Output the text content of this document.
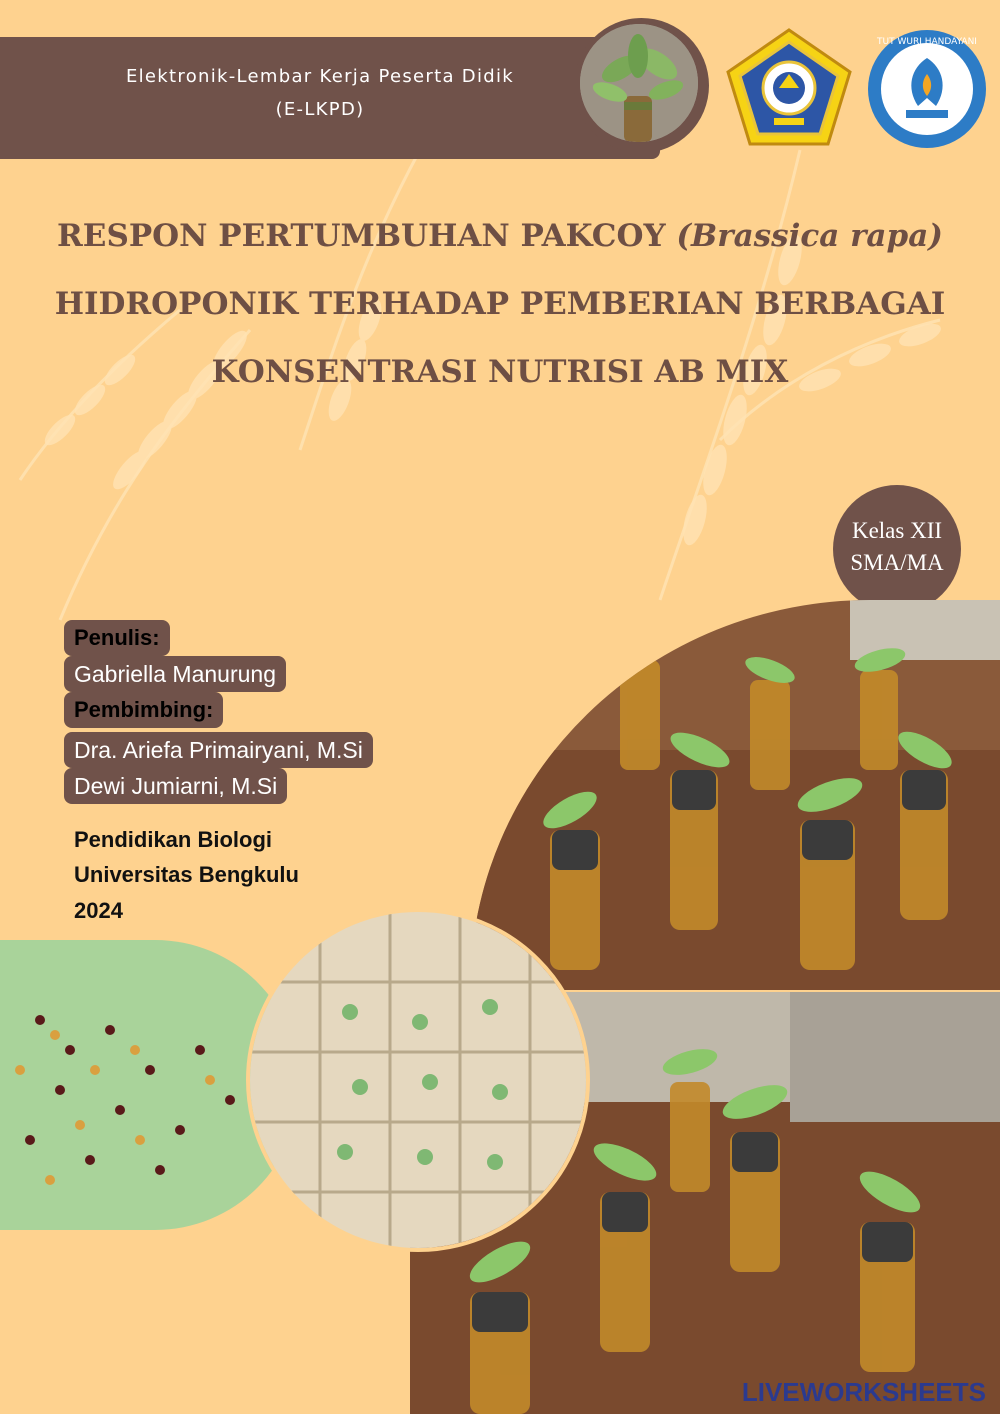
Elektronik-Lembar Kerja Peserta Didik
(E-LKPD)
TUT WURI HANDAYANI
RESPON PERTUMBUHAN PAKCOY (Brassica rapa)
HIDROPONIK TERHADAP PEMBERIAN BERBAGAI
KONSENTRASI NUTRISI AB MIX
Kelas XII
SMA/MA
Penulis:
Gabriella Manurung
Pembimbing:
Dra. Ariefa Primairyani, M.Si
Dewi Jumiarni, M.Si
Pendidikan Biologi
Universitas Bengkulu
2024
LIVEWORKSHEETS
